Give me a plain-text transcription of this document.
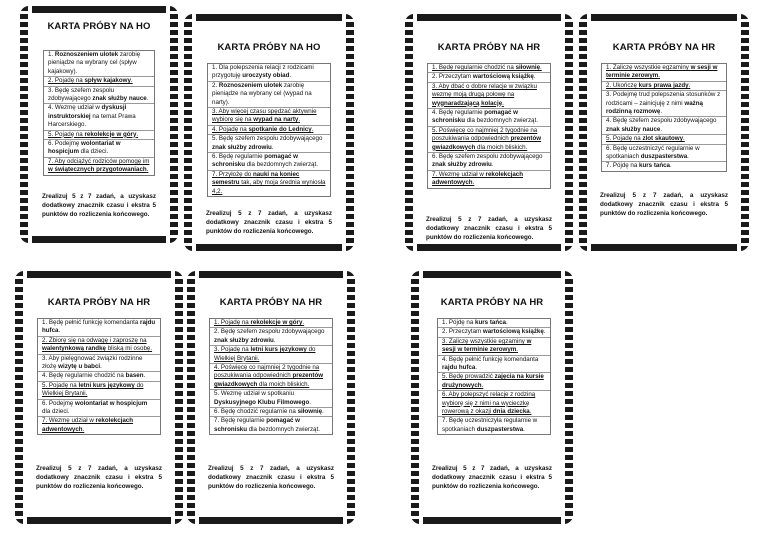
KARTA PRÓBY NA HO
1. Roznoszeniem ulotek zarobię pieniądze na wybrany cel (spływ kajakowy).
2. Pojadę na spływ kajakowy.
3. Będę szefem zespołu zdobywającego znak służby nauce.
4. Wezmę udział w dyskusji instruktorskiej na temat Prawa Harcerskiego.
5. Pojadę na rekolekcje w góry.
6. Podejmę wolontariat w hospicjum dla dzieci.
7. Aby odciążyć rodziców pomogę im w świątecznych przygotowaniach.
Zrealizuj 5 z 7 zadań, a uzyskasz dodatkowy znacznik czasu i ekstra 5 punktów do rozliczenia końcowego.
KARTA PRÓBY NA HO
1. Dla polepszenia relacji z rodzicami przygotuję uroczysty obiad.
2. Roznoszeniem ulotek zarobię pieniądze na wybrany cel (wypad na narty).
3. Aby więcej czasu spędzać aktywnie wybiorę się na wypad na narty.
4. Pojadę na spotkanie do Lednicy.
5. Będę szefem zespołu zdobywającego znak służby zdrowiu.
6. Będę regularnie pomagać w schronisku dla bezdomnych zwierząt.
7. Przyłożę do nauki na koniec semestru tak, aby moja średnia wyniosła 4,2.
Zrealizuj 5 z 7 zadań, a uzyskasz dodatkowy znacznik czasu i ekstra 5 punktów do rozliczenia końcowego.
KARTA PRÓBY NA HR
1. Będę regularnie chodzić na siłownię.
2. Przeczytam wartościową książkę.
3. Aby dbać o dobre relacje w związku wezmę moją drugą połowę na wygnaradzającą kolację.
4. Będę regularnie pomagać w schronisku dla bezdomnych zwierząt.
5. Poświęcę co najmniej 2 tygodnie na poszukiwania odpowiednich prezentów gwiazdkowych dla moich bliskich.
6. Będę szefem zespołu zdobywającego znak służby zdrowiu.
7. Wezmę udział w rekolekcjach adwentowych.
Zrealizuj 5 z 7 zadań, a uzyskasz dodatkowy znacznik czasu i ekstra 5 punktów do rozliczenia końcowego.
KARTA PRÓBY NA HR
1. Zaliczę wszystkie egzaminy w sesji w terminie zerowym.
2. Ukończę kurs prawa jazdy.
3. Podejmę trud polepszenia stosunków z rodzicami – zainicjuję z nimi ważną rodzinną rozmowę.
4. Będę szefem zespołu zdobywającego znak służby nauce.
5. Pojadę na zlot skautowy.
6. Będę uczestniczyć regularnie w spotkaniach duszpasterstwa.
7. Pójdę na kurs tańca.
Zrealizuj 5 z 7 zadań, a uzyskasz dodatkowy znacznik czasu i ekstra 5 punktów do rozliczenia końcowego.
KARTA PRÓBY NA HR
1. Będę pełnić funkcję komendanta rajdu hufca.
2. Zbiorę się na odwagę i zaproszę na walentynkową randkę bliską mi osobę.
3. Aby pielęgnować związki rodzinne złożę wizytę u babci.
4. Będę regularnie chodzić na basen.
5. Pojadę na letni kurs językowy do Wielkiej Brytanii.
6. Podejmę wolontariat w hospicjum dla dzieci.
7. Wezmę udział w rekolekcjach adwentowych.
Zrealizuj 5 z 7 zadań, a uzyskasz dodatkowy znacznik czasu i ekstra 5 punktów do rozliczenia końcowego.
KARTA PRÓBY NA HR
1. Pojadę na rekolekcje w góry.
2. Będę szefem zespołu zdobywającego znak służby zdrowiu.
3. Pojadę na letni kurs językowy do Wielkiej Brytanii.
4. Poświęcę co najmniej 2 tygodnie na poszukiwania odpowiednich prezentów gwiazdkowych dla moich bliskich.
5. Wezmę udział w spotkaniu Dyskusyjnego Klubu Filmowego.
6. Będę chodzić regularnie na siłownię.
7. Będę regularnie pomagać w schronisku dla bezdomnych zwierząt.
Zrealizuj 5 z 7 zadań, a uzyskasz dodatkowy znacznik czasu i ekstra 5 punktów do rozliczenia końcowego.
KARTA PRÓBY NA HR
1. Pójdę na kurs tańca.
2. Przeczytam wartościową książkę.
3. Zaliczę wszystkie egzaminy w sesji w terminie zerowym.
4. Będę pełnić funkcję komendanta rajdu hufca.
5. Będę prowadzić zajęcia na kursie drużynowych.
6. Aby polepszyć relacje z rodziną wybiorę się z nimi na wycieczkę rowerową z okazji dnia dziecka.
7. Będę uczestniczyła regularnie w spotkaniach duszpasterstwa.
Zrealizuj 5 z 7 zadań, a uzyskasz dodatkowy znacznik czasu i ekstra 5 punktów do rozliczenia końcowego.
